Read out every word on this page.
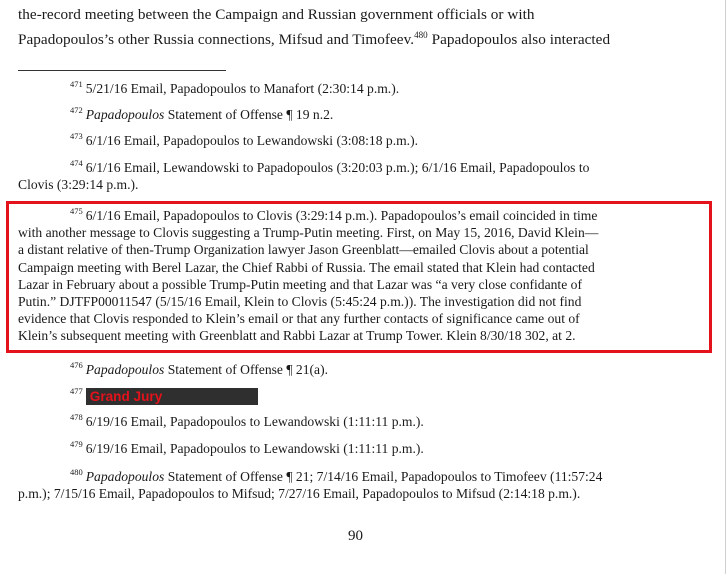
the-record meeting between the Campaign and Russian government officials or with
Papadopoulos’s other Russia connections, Mifsud and Timofeev.$^{480}$ Papadopoulos also interacted
$^{471}$ 5/21/16 Email, Papadopoulos to Manafort (2:30:14 p.m.).
$^{472}$ Papadopoulos Statement of Offense ¶ 19 n.2.
$^{473}$ 6/1/16 Email, Papadopoulos to Lewandowski (3:08:18 p.m.).
$^{474}$ 6/1/16 Email, Lewandowski to Papadopoulos (3:20:03 p.m.); 6/1/16 Email, Papadopoulos to
Clovis (3:29:14 p.m.).
$^{475}$ 6/1/16 Email, Papadopoulos to Clovis (3:29:14 p.m.). Papadopoulos’s email coincided in time
with another message to Clovis suggesting a Trump-Putin meeting. First, on May 15, 2016, David Klein—
a distant relative of then-Trump Organization lawyer Jason Greenblatt—emailed Clovis about a potential
Campaign meeting with Berel Lazar, the Chief Rabbi of Russia. The email stated that Klein had contacted
Lazar in February about a possible Trump-Putin meeting and that Lazar was “a very close confidante of
Putin.” DJTFP00011547 (5/15/16 Email, Klein to Clovis (5:45:24 p.m.)). The investigation did not find
evidence that Clovis responded to Klein’s email or that any further contacts of significance came out of
Klein’s subsequent meeting with Greenblatt and Rabbi Lazar at Trump Tower. Klein 8/30/18 302, at 2.
$^{476}$ Papadopoulos Statement of Offense ¶ 21(a).
$^{477}$ Grand Jury
$^{478}$ 6/19/16 Email, Papadopoulos to Lewandowski (1:11:11 p.m.).
$^{479}$ 6/19/16 Email, Papadopoulos to Lewandowski (1:11:11 p.m.).
$^{480}$ Papadopoulos Statement of Offense ¶ 21; 7/14/16 Email, Papadopoulos to Timofeev (11:57:24
p.m.); 7/15/16 Email, Papadopoulos to Mifsud; 7/27/16 Email, Papadopoulos to Mifsud (2:14:18 p.m.).
90
